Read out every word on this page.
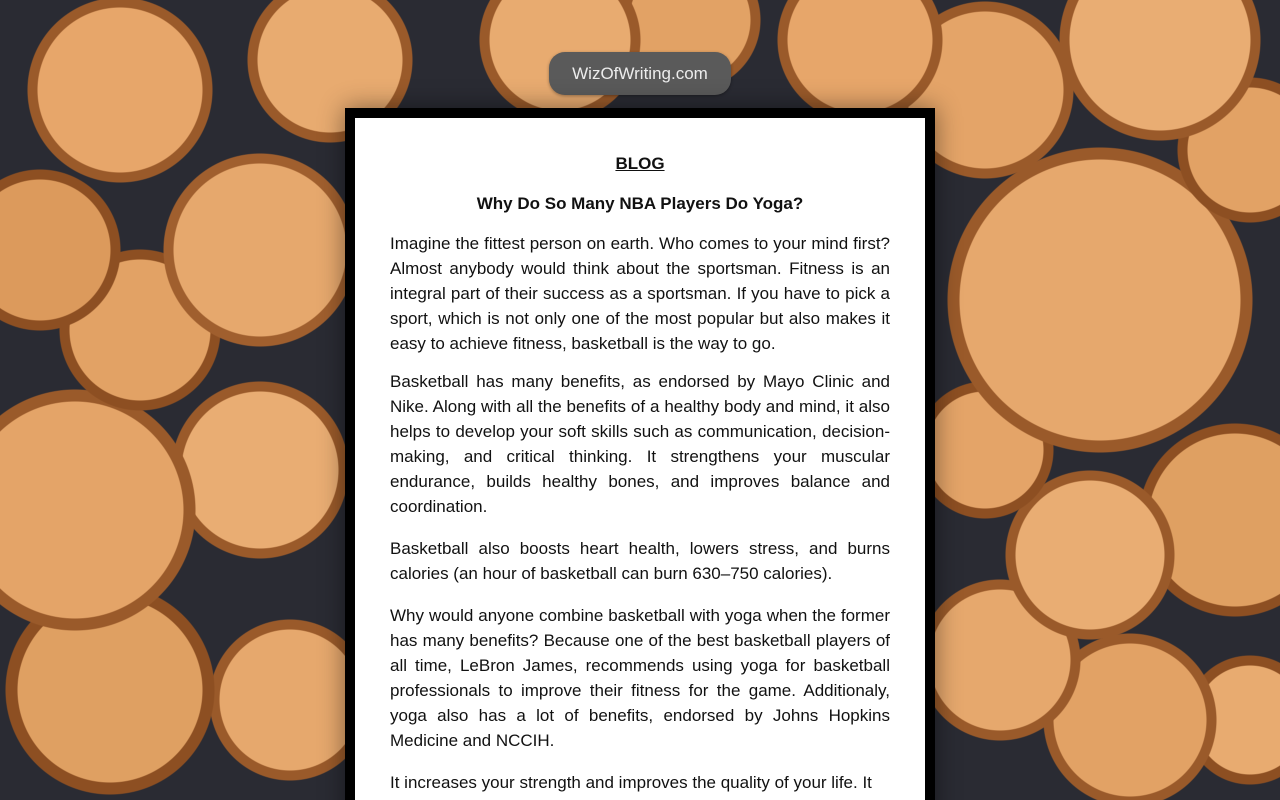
WizOfWriting.com
BLOG
Why Do So Many NBA Players Do Yoga?

Imagine the fittest person on earth. Who comes to your mind first? Almost anybody would think about the sportsman. Fitness is an integral part of their success as a sportsman. If you have to pick a sport, which is not only one of the most popular but also makes it easy to achieve fitness, basketball is the way to go.

Basketball has many benefits, as endorsed by Mayo Clinic and Nike. Along with all the benefits of a healthy body and mind, it also helps to develop your soft skills such as communication, decision-making, and critical thinking. It strengthens your muscular endurance, builds healthy bones, and improves balance and coordination.

Basketball also boosts heart health, lowers stress, and burns calories (an hour of basketball can burn 630–750 calories).

Why would anyone combine basketball with yoga when the former has many benefits? Because one of the best basketball players of all time, LeBron James, recommends using yoga for basketball professionals to improve their fitness for the game. Additionaly, yoga also has a lot of benefits, endorsed by Johns Hopkins Medicine and NCCIH.

It increases your strength and improves the quality of your life. It
